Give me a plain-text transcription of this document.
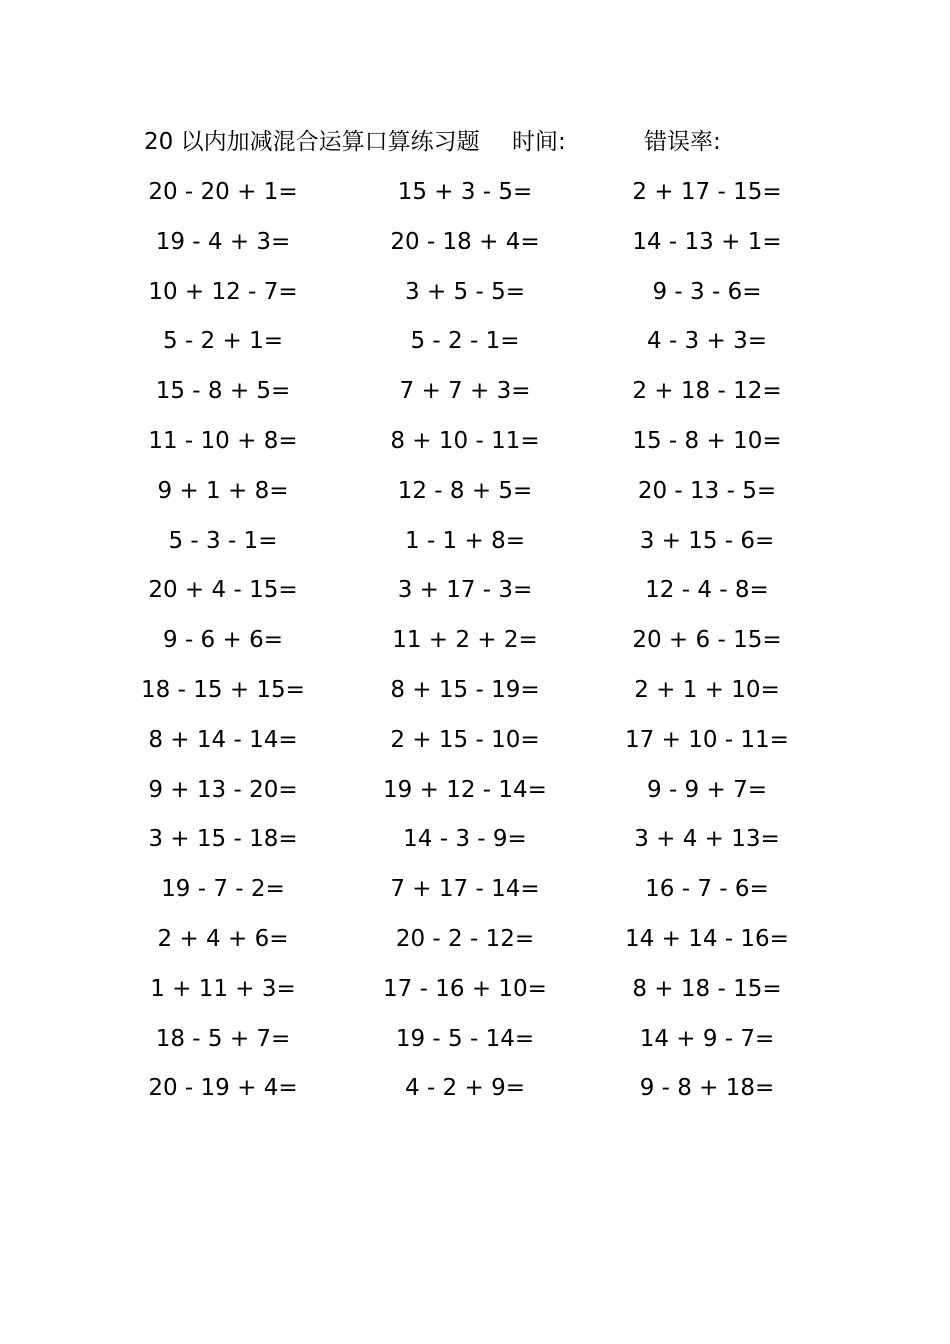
20 以内加减混合运算口算练习题 时间:	错误率:
20 - 20 + 1=	15 + 3 - 5=	2 + 17 - 15=
19 - 4 + 3=	20 - 18 + 4=	14 - 13 + 1=
10 + 12 - 7=	3 + 5 - 5=	9 - 3 - 6=
5 - 2 + 1=	5 - 2 - 1=	4 - 3 + 3=
15 - 8 + 5=	7 + 7 + 3=	2 + 18 - 12=
11 - 10 + 8=	8 + 10 - 11=	15 - 8 + 10=
9 + 1 + 8=	12 - 8 + 5=	20 - 13 - 5=
5 - 3 - 1=	1 - 1 + 8=	3 + 15 - 6=
20 + 4 - 15=	3 + 17 - 3=	12 - 4 - 8=
9 - 6 + 6=	11 + 2 + 2=	20 + 6 - 15=
18 - 15 + 15=	8 + 15 - 19=	2 + 1 + 10=
8 + 14 - 14=	2 + 15 - 10=	17 + 10 - 11=
9 + 13 - 20=	19 + 12 - 14=	9 - 9 + 7=
3 + 15 - 18=	14 - 3 - 9=	3 + 4 + 13=
19 - 7 - 2=	7 + 17 - 14=	16 - 7 - 6=
2 + 4 + 6=	20 - 2 - 12=	14 + 14 - 16=
1 + 11 + 3=	17 - 16 + 10=	8 + 18 - 15=
18 - 5 + 7=	19 - 5 - 14=	14 + 9 - 7=
20 - 19 + 4=	4 - 2 + 9=	9 - 8 + 18=
